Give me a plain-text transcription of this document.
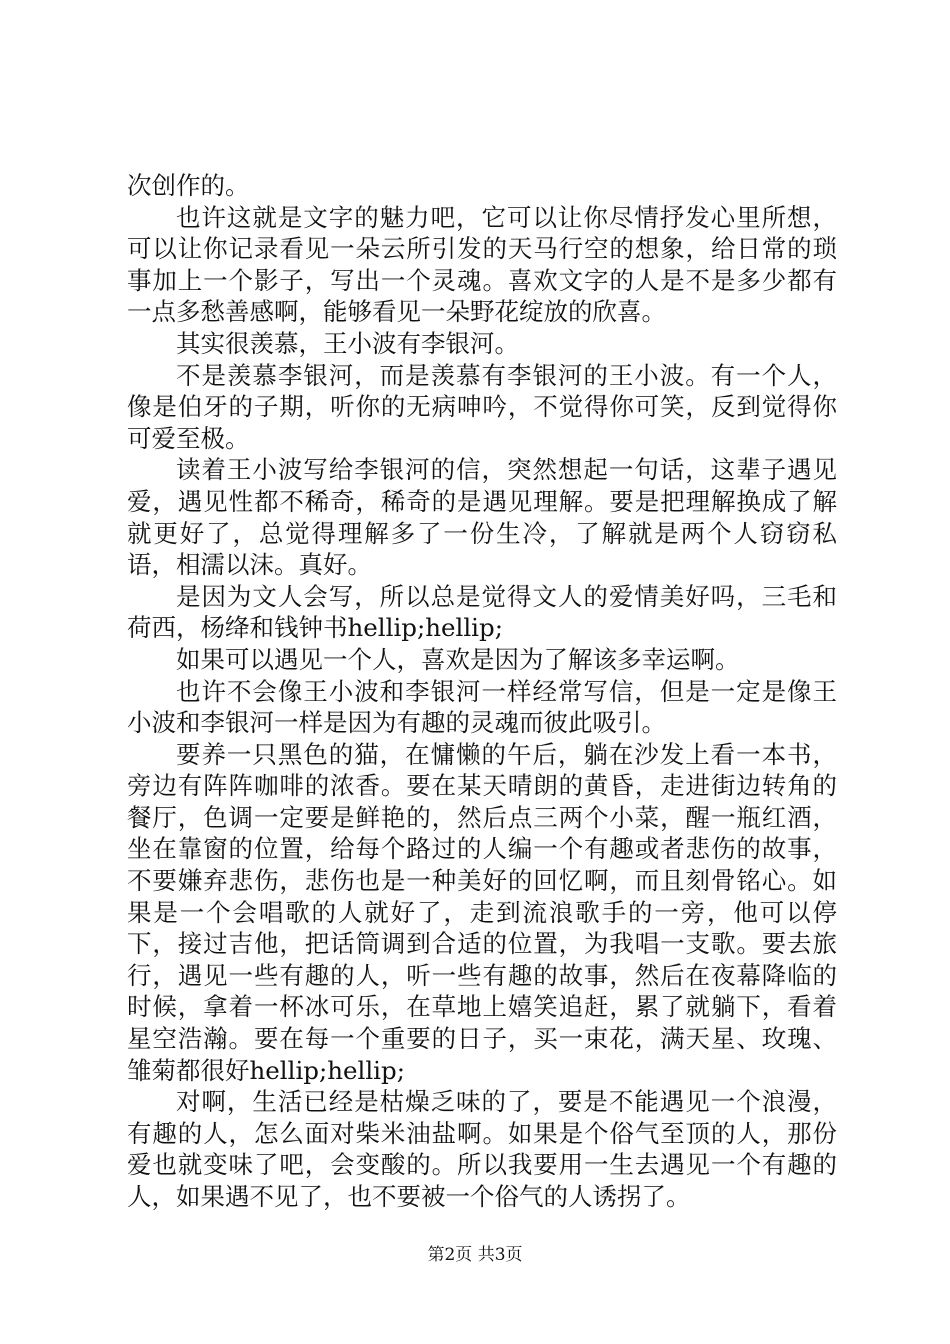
次创作的。

也许这就是文字的魅力吧，它可以让你尽情抒发心里所想，可以让你记录看见一朵云所引发的天马行空的想象，给日常的琐事加上一个影子，写出一个灵魂。喜欢文字的人是不是多少都有一点多愁善感啊，能够看见一朵野花绽放的欣喜。

其实很羡慕，王小波有李银河。

不是羡慕李银河，而是羡慕有李银河的王小波。有一个人，像是伯牙的子期，听你的无病呻吟，不觉得你可笑，反到觉得你可爱至极。

读着王小波写给李银河的信，突然想起一句话，这辈子遇见爱，遇见性都不稀奇，稀奇的是遇见理解。要是把理解换成了解就更好了，总觉得理解多了一份生冷，了解就是两个人窃窃私语，相濡以沫。真好。

是因为文人会写，所以总是觉得文人的爱情美好吗，三毛和荷西，杨绛和钱钟书hellip;hellip;

如果可以遇见一个人，喜欢是因为了解该多幸运啊。

也许不会像王小波和李银河一样经常写信，但是一定是像王小波和李银河一样是因为有趣的灵魂而彼此吸引。

要养一只黑色的猫，在慵懒的午后，躺在沙发上看一本书，旁边有阵阵咖啡的浓香。要在某天晴朗的黄昏，走进街边转角的餐厅，色调一定要是鲜艳的，然后点三两个小菜，醒一瓶红酒，坐在靠窗的位置，给每个路过的人编一个有趣或者悲伤的故事，不要嫌弃悲伤，悲伤也是一种美好的回忆啊，而且刻骨铭心。如果是一个会唱歌的人就好了，走到流浪歌手的一旁，他可以停下，接过吉他，把话筒调到合适的位置，为我唱一支歌。要去旅行，遇见一些有趣的人，听一些有趣的故事，然后在夜幕降临的时候，拿着一杯冰可乐，在草地上嬉笑追赶，累了就躺下，看着星空浩瀚。要在每一个重要的日子，买一束花，满天星、玫瑰、雏菊都很好hellip;hellip;

对啊，生活已经是枯燥乏味的了，要是不能遇见一个浪漫，有趣的人，怎么面对柴米油盐啊。如果是个俗气至顶的人，那份爱也就变味了吧，会变酸的。所以我要用一生去遇见一个有趣的人，如果遇不见了，也不要被一个俗气的人诱拐了。

第2页 共3页
